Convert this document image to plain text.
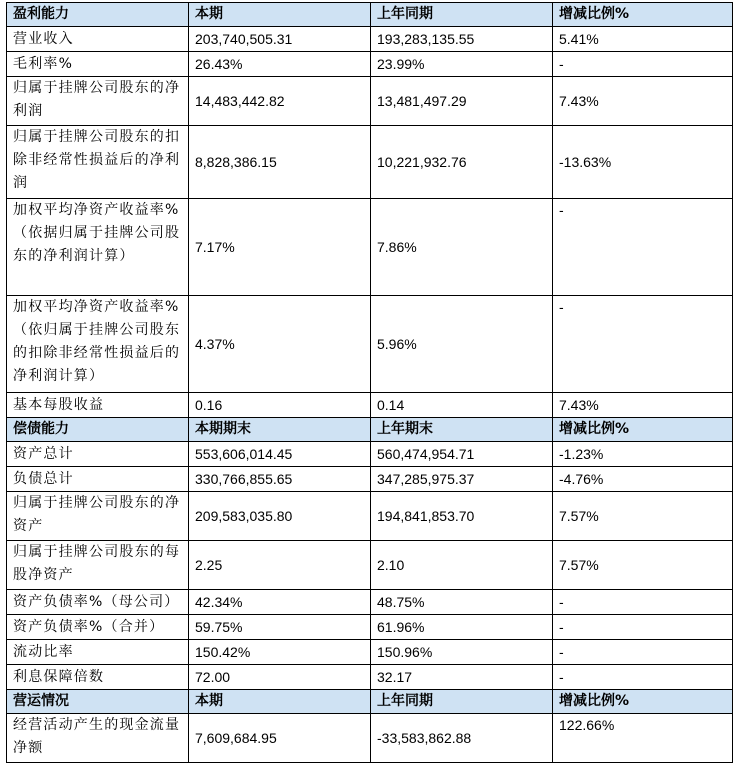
盈利能力	本期	上年同期	增减比例%
营业收入	203,740,505.31	193,283,135.55	5.41%
毛利率%	26.43%	23.99%	-
归属于挂牌公司股东的净利润	14,483,442.82	13,481,497.29	7.43%
归属于挂牌公司股东的扣除非经常性损益后的净利润	8,828,386.15	10,221,932.76	-13.63%
加权平均净资产收益率%（依据归属于挂牌公司股东的净利润计算）	7.17%	7.86%	-
加权平均净资产收益率%（依归属于挂牌公司股东的扣除非经常性损益后的净利润计算）	4.37%	5.96%	-
基本每股收益	0.16	0.14	7.43%
偿债能力	本期期末	上年期末	增减比例%
资产总计	553,606,014.45	560,474,954.71	-1.23%
负债总计	330,766,855.65	347,285,975.37	-4.76%
归属于挂牌公司股东的净资产	209,583,035.80	194,841,853.70	7.57%
归属于挂牌公司股东的每股净资产	2.25	2.10	7.57%
资产负债率%（母公司）	42.34%	48.75%	-
资产负债率%（合并）	59.75%	61.96%	-
流动比率	150.42%	150.96%	-
利息保障倍数	72.00	32.17	-
营运情况	本期	上年同期	增减比例%
经营活动产生的现金流量净额	7,609,684.95	-33,583,862.88	122.66%
